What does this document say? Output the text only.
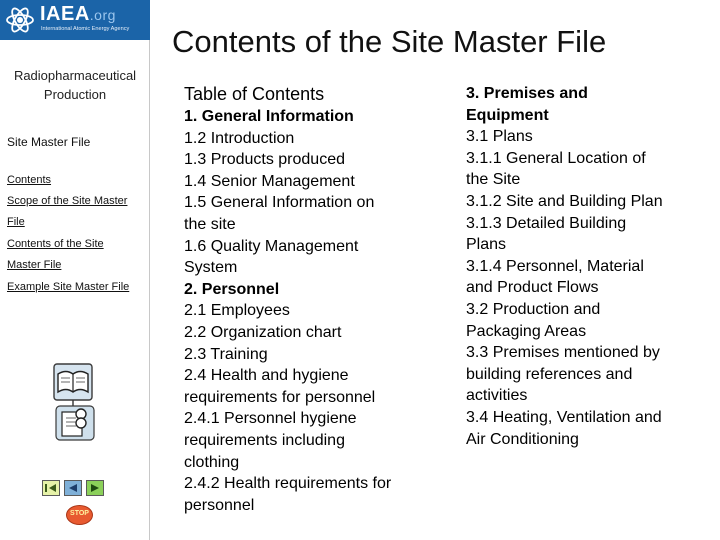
IAEA.org
International Atomic Energy Agency
Radiopharmaceutical Production
Site Master File
Contents
Scope of the Site Master
File
Contents of the Site
Master File
Example Site Master File
STOP
Contents of the Site Master File
Table of Contents
1. General Information
1.2 Introduction
1.3 Products produced
1.4 Senior Management
1.5 General Information on
the site
1.6 Quality Management
System
2. Personnel
2.1 Employees
2.2 Organization chart
2.3 Training
2.4 Health and hygiene
requirements for personnel
2.4.1 Personnel hygiene
requirements including
clothing
2.4.2 Health requirements for
personnel
3. Premises and
Equipment
3.1 Plans
3.1.1 General Location of
the Site
3.1.2 Site and Building Plan
3.1.3 Detailed Building
Plans
3.1.4 Personnel, Material
and Product Flows
3.2 Production and
Packaging Areas
3.3 Premises mentioned by
building references and
activities
3.4 Heating, Ventilation and
Air Conditioning
